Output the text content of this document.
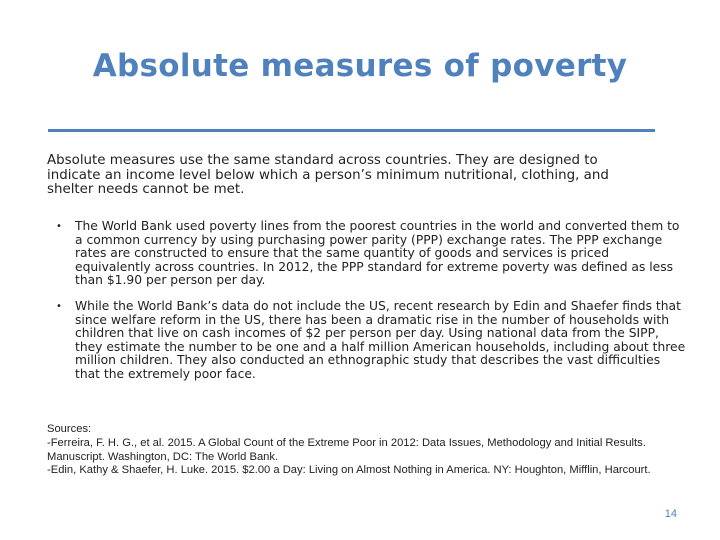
Absolute measures of poverty

Absolute measures use the same standard across countries. They are designed to indicate an income level below which a person’s minimum nutritional, clothing, and shelter needs cannot be met.

• The World Bank used poverty lines from the poorest countries in the world and converted them to a common currency by using purchasing power parity (PPP) exchange rates. The PPP exchange rates are constructed to ensure that the same quantity of goods and services is priced equivalently across countries. In 2012, the PPP standard for extreme poverty was defined as less than $1.90 per person per day.
• While the World Bank’s data do not include the US, recent research by Edin and Shaefer finds that since welfare reform in the US, there has been a dramatic rise in the number of households with children that live on cash incomes of $2 per person per day. Using national data from the SIPP, they estimate the number to be one and a half million American households, including about three million children. They also conducted an ethnographic study that describes the vast difficulties that the extremely poor face.

Sources:

-Ferreira, F. H. G., et al. 2015. A Global Count of the Extreme Poor in 2012: Data Issues, Methodology and Initial Results. Manuscript. Washington, DC: The World Bank.

-Edin, Kathy & Shaefer, H. Luke. 2015. $2.00 a Day: Living on Almost Nothing in America. NY: Houghton, Mifflin, Harcourt.

14
